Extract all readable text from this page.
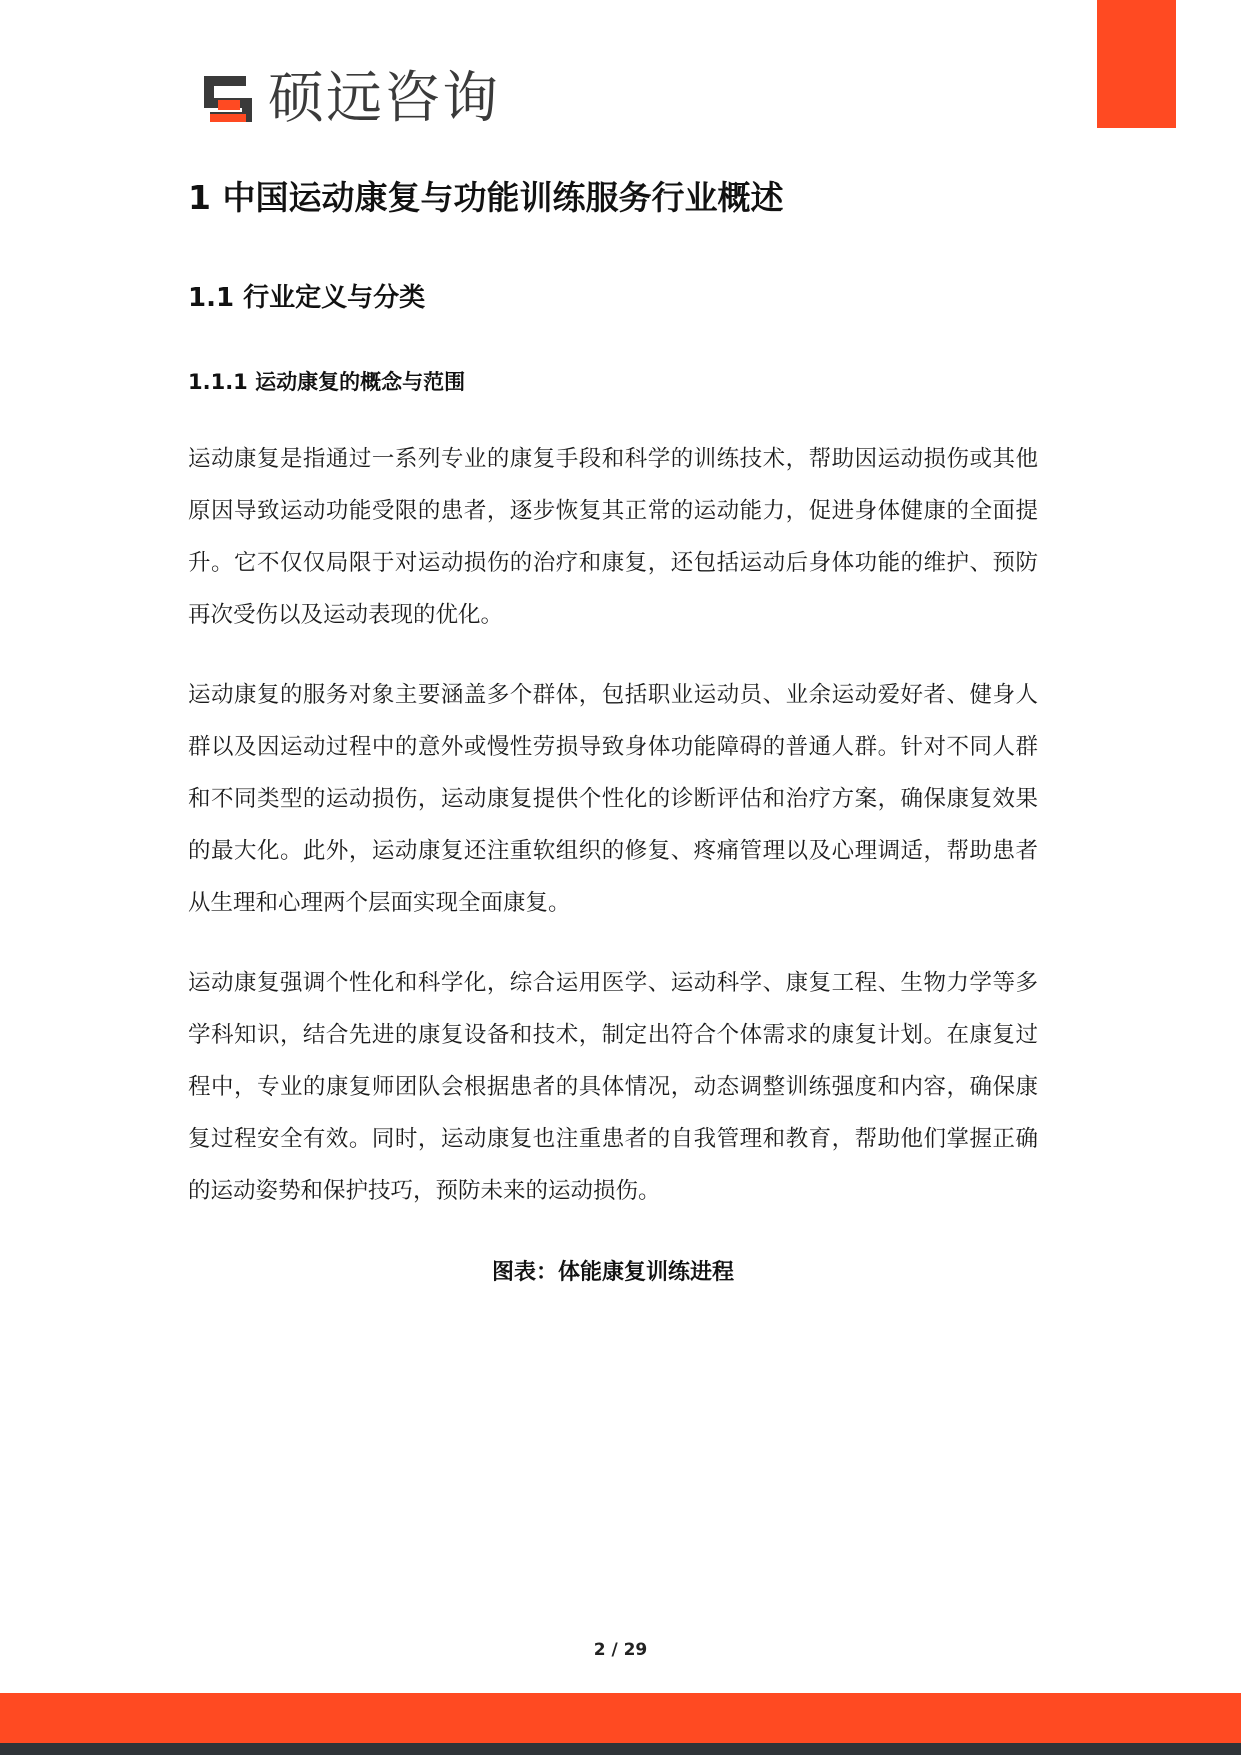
硕远咨询
1 中国运动康复与功能训练服务行业概述
1.1 行业定义与分类
1.1.1 运动康复的概念与范围

运动康复是指通过一系列专业的康复手段和科学的训练技术，帮助因运动损伤或其他原因导致运动功能受限的患者，逐步恢复其正常的运动能力，促进身体健康的全面提升。它不仅仅局限于对运动损伤的治疗和康复，还包括运动后身体功能的维护、预防再次受伤以及运动表现的优化。

运动康复的服务对象主要涵盖多个群体，包括职业运动员、业余运动爱好者、健身人群以及因运动过程中的意外或慢性劳损导致身体功能障碍的普通人群。针对不同人群和不同类型的运动损伤，运动康复提供个性化的诊断评估和治疗方案，确保康复效果的最大化。此外，运动康复还注重软组织的修复、疼痛管理以及心理调适，帮助患者从生理和心理两个层面实现全面康复。

运动康复强调个性化和科学化，综合运用医学、运动科学、康复工程、生物力学等多学科知识，结合先进的康复设备和技术，制定出符合个体需求的康复计划。在康复过程中，专业的康复师团队会根据患者的具体情况，动态调整训练强度和内容，确保康复过程安全有效。同时，运动康复也注重患者的自我管理和教育，帮助他们掌握正确的运动姿势和保护技巧，预防未来的运动损伤。

图表：体能康复训练进程
2 / 29
